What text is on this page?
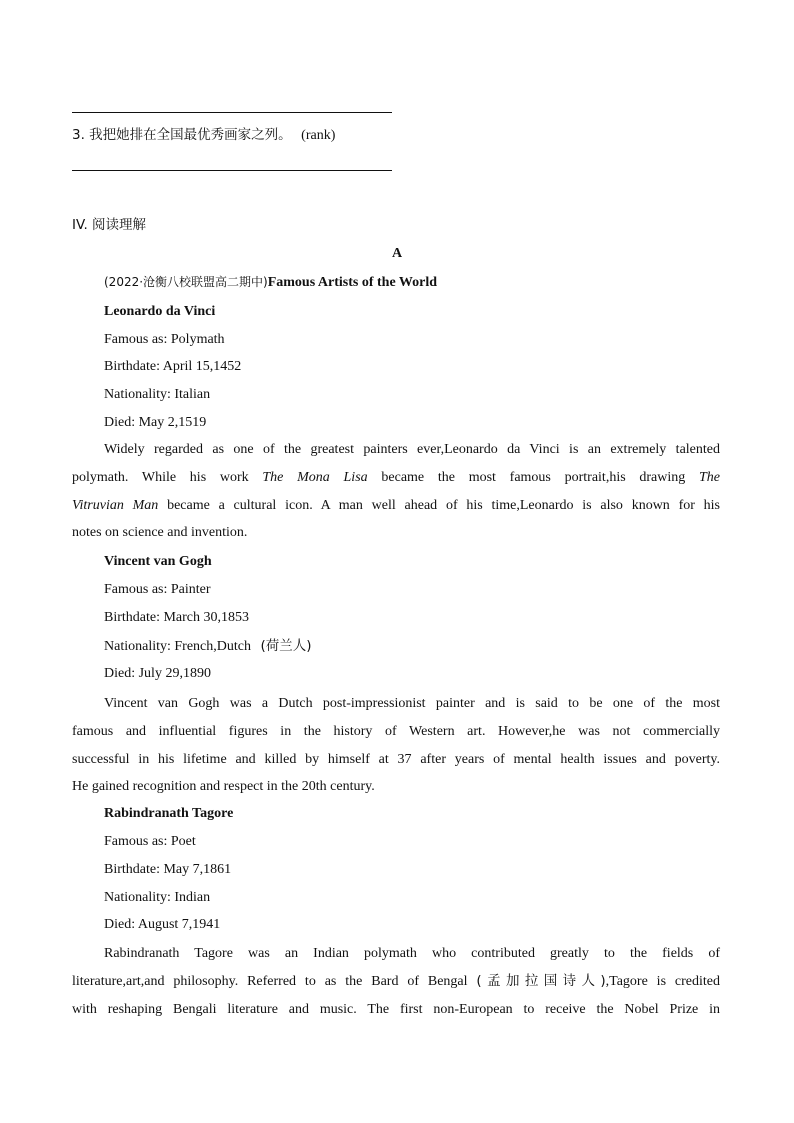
3. 我把她排在全国最优秀画家之列。 (rank)
IV. 阅读理解
A
(2022·沧衡八校联盟高二期中)Famous Artists of the World
Leonardo da Vinci
Famous as: Polymath
Birthdate: April 15,1452
Nationality: Italian
Died: May 2,1519
Widely regarded as one of the greatest painters ever,Leonardo da Vinci is an extremely talented
polymath. While his work The Mona Lisa became the most famous portrait,his drawing The
Vitruvian Man became a cultural icon. A man well ahead of his time,Leonardo is also known for his
notes on science and invention.
Vincent van Gogh
Famous as: Painter
Birthdate: March 30,1853
Nationality: French,Dutch (荷兰人)
Died: July 29,1890
Vincent van Gogh was a Dutch post-impressionist painter and is said to be one of the most
famous and influential figures in the history of Western art. However,he was not commercially
successful in his lifetime and killed by himself at 37 after years of mental health issues and poverty.
He gained recognition and respect in the 20th century.
Rabindranath Tagore
Famous as: Poet
Birthdate: May 7,1861
Nationality: Indian
Died: August 7,1941
Rabindranath Tagore was an Indian polymath who contributed greatly to the fields of
literature,art,and philosophy. Referred to as the Bard of Bengal (孟加拉国诗人),Tagore is credited
with reshaping Bengali literature and music. The first non-European to receive the Nobel Prize in
